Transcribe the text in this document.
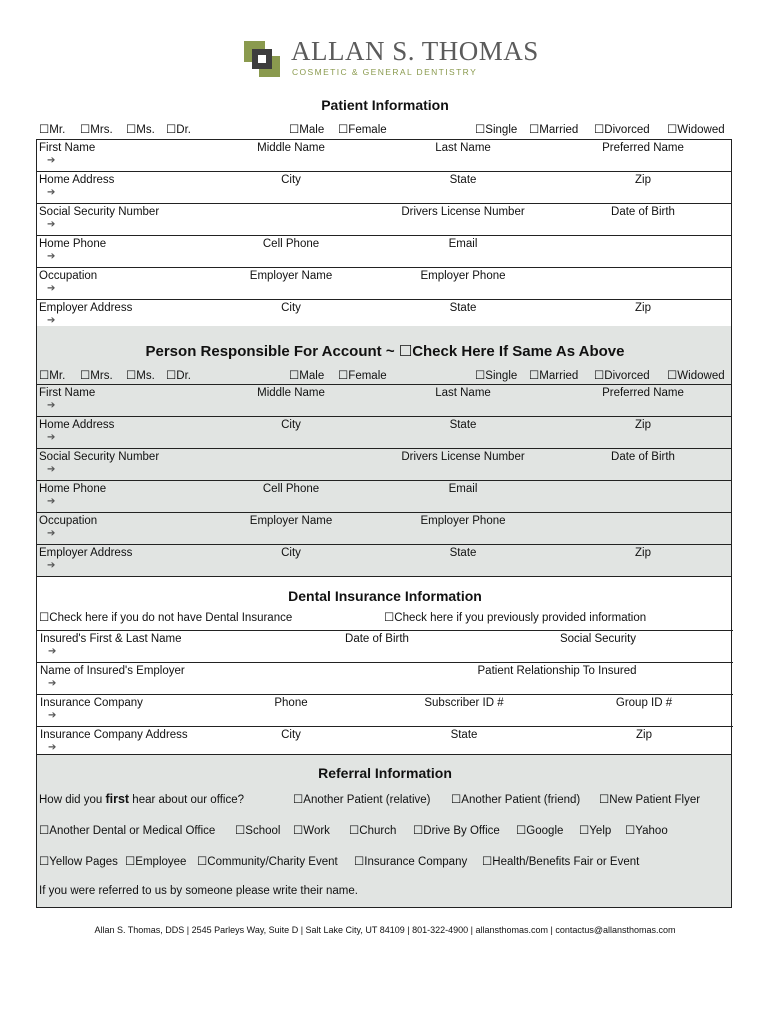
ALLAN S. THOMAS
COSMETIC & GENERAL DENTISTRY
Patient Information
☐Mr. ☐Mrs. ☐Ms. ☐Dr.	☐Male ☐Female	☐Single ☐Married ☐Divorced ☐Widowed
First Name	Middle Name	Last Name	Preferred Name
➔
Home Address	City	State	Zip
➔
Social Security Number	Drivers License Number	Date of Birth
➔
Home Phone	Cell Phone	Email
➔
Occupation	Employer Name	Employer Phone
➔
Employer Address	City	State	Zip
➔
Person Responsible For Account ~ ☐Check Here If Same As Above
☐Mr. ☐Mrs. ☐Ms. ☐Dr.	☐Male ☐Female	☐Single ☐Married ☐Divorced ☐Widowed
First Name	Middle Name	Last Name	Preferred Name
➔
Home Address	City	State	Zip
➔
Social Security Number	Drivers License Number	Date of Birth
➔
Home Phone	Cell Phone	Email
➔
Occupation	Employer Name	Employer Phone
➔
Employer Address	City	State	Zip
➔
Dental Insurance Information
☐Check here if you do not have Dental Insurance	☐Check here if you previously provided information
Insured's First & Last Name	Date of Birth	Social Security
➔
Name of Insured's Employer	Patient Relationship To Insured
➔
Insurance Company	Phone	Subscriber ID #	Group ID #
➔
Insurance Company Address	City	State	Zip
➔
Referral Information
How did you first hear about our office?	☐Another Patient (relative) ☐Another Patient (friend) ☐New Patient Flyer
☐Another Dental or Medical Office ☐School ☐Work ☐Church ☐Drive By Office ☐Google ☐Yelp ☐Yahoo
☐Yellow Pages ☐Employee ☐Community/Charity Event ☐Insurance Company ☐Health/Benefits Fair or Event
If you were referred to us by someone please write their name.
Allan S. Thomas, DDS | 2545 Parleys Way, Suite D | Salt Lake City, UT 84109 | 801-322-4900 | allansthomas.com | contactus@allansthomas.com
